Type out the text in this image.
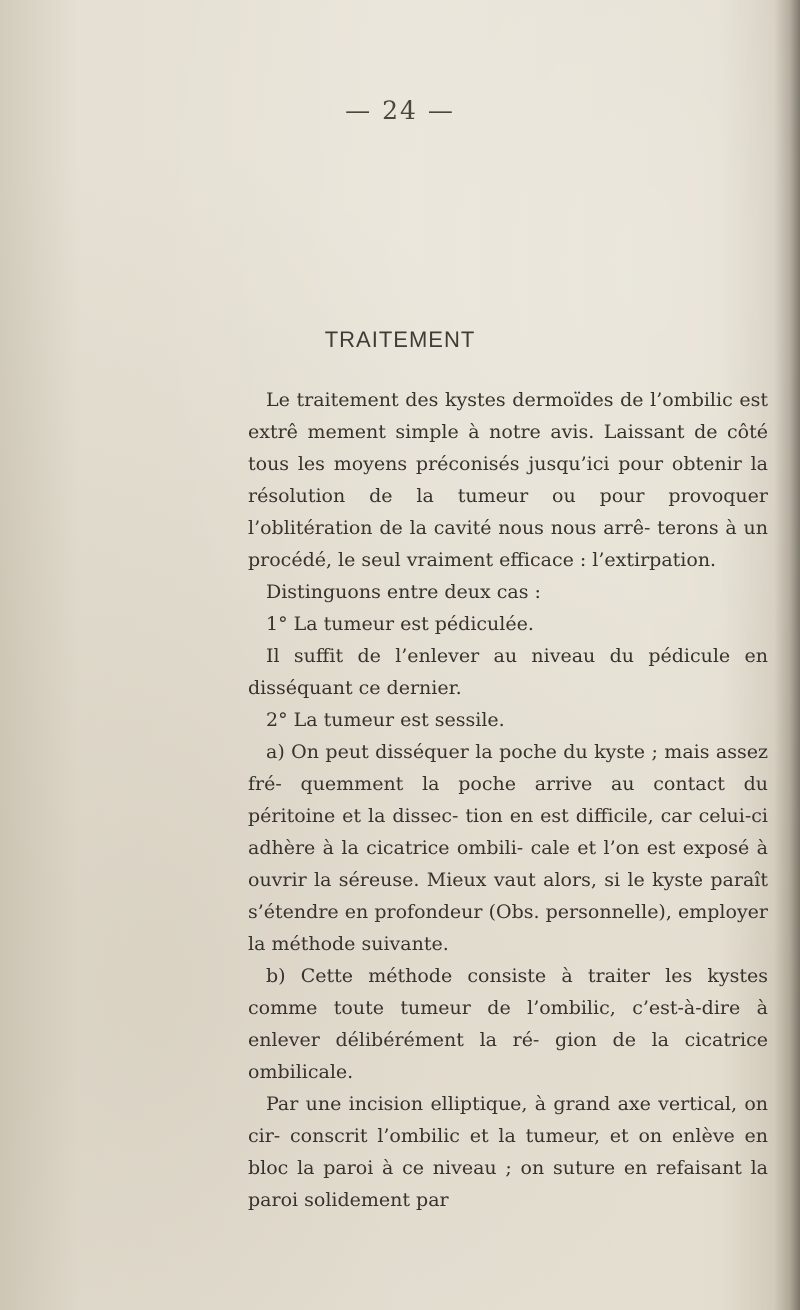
— 24 —
TRAITEMENT

Le traitement des kystes dermoïdes de l’ombilic est extrê mement simple à notre avis. Laissant de côté tous les moyens préconisés jusqu’ici pour obtenir la résolution de la tumeur ou pour provoquer l’oblitération de la cavité nous nous arrê- terons à un procédé, le seul vraiment efficace : l’extirpation.

Distinguons entre deux cas :

1° La tumeur est pédiculée.

Il suffit de l’enlever au niveau du pédicule en disséquant ce dernier.

2° La tumeur est sessile.

a) On peut disséquer la poche du kyste ; mais assez fré- quemment la poche arrive au contact du péritoine et la dissec- tion en est difficile, car celui-ci adhère à la cicatrice ombili- cale et l’on est exposé à ouvrir la séreuse. Mieux vaut alors, si le kyste paraît s’étendre en profondeur (Obs. personnelle), employer la méthode suivante.

b) Cette méthode consiste à traiter les kystes comme toute tumeur de l’ombilic, c’est-à-dire à enlever délibérément la ré- gion de la cicatrice ombilicale.

Par une incision elliptique, à grand axe vertical, on cir- conscrit l’ombilic et la tumeur, et on enlève en bloc la paroi à ce niveau ; on suture en refaisant la paroi solidement par
